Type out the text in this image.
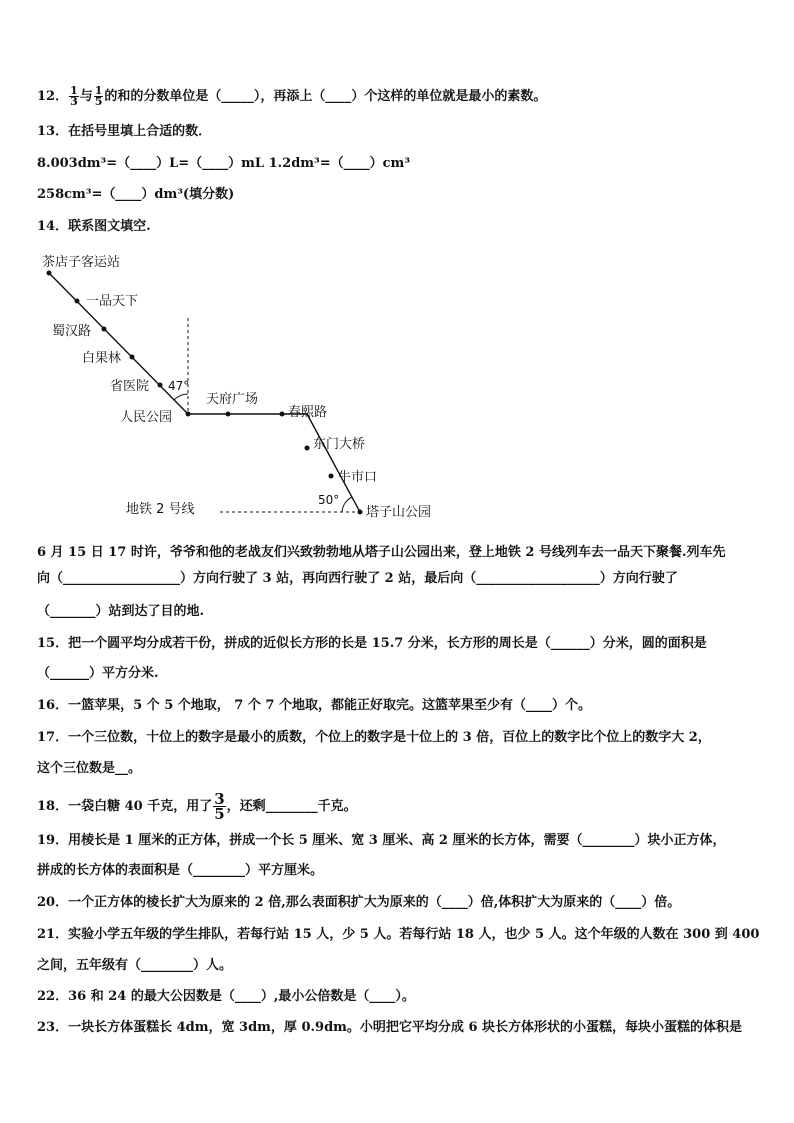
12． $\frac{1}{3}$ 与 $\frac{1}{5}$ 的和的分数单位是（_____），再添上（____）个这样的单位就是最小的素数。
13．在括号里填上合适的数．
8.003dm³=（____）L=（____）mL 1.2dm³=（____）cm³
258cm³=（____）dm³(填分数)
14．联系图文填空.
茶店子客运站
一品天下
蜀汉路
白果林
省医院
人民公园
天府广场
春熙路
东门大桥
牛市口
塔子山公园
47°
50°
地铁 2 号线
6 月 15 日 17 时许，爷爷和他的老战友们兴致勃勃地从塔子山公园出来，登上地铁 2 号线列车去一品天下聚餐.列车先
向（__________________）方向行驶了 3 站，再向西行驶了 2 站，最后向（___________________）方向行驶了
（_______）站到达了目的地.
15．把一个圆平均分成若干份，拼成的近似长方形的长是 15.7 分米，长方形的周长是（______）分米，圆的面积是
（______）平方分米.
16．一篮苹果，5 个 5 个地取， 7 个 7 个地取，都能正好取完。这篮苹果至少有（____）个。
17．一个三位数，十位上的数字是最小的质数，个位上的数字是十位上的 3 倍，百位上的数字比个位上的数字大 2，
这个三位数是__。
18．一袋白糖 40 千克，用了 $\frac{3}{5}$ ，还剩________千克。
19．用棱长是 1 厘米的正方体，拼成一个长 5 厘米、宽 3 厘米、高 2 厘米的长方体，需要（________）块小正方体，
拼成的长方体的表面积是（________）平方厘米。
20．一个正方体的棱长扩大为原来的 2 倍,那么表面积扩大为原来的（____）倍,体积扩大为原来的（____）倍。
21．实验小学五年级的学生排队，若每行站 15 人，少 5 人。若每行站 18 人，也少 5 人。这个年级的人数在 300 到 400
之间，五年级有（________）人。
22．36 和 24 的最大公因数是（____）,最小公倍数是（____）。
23．一块长方体蛋糕长 4dm，宽 3dm，厚 0.9dm。小明把它平均分成 6 块长方体形状的小蛋糕，每块小蛋糕的体积是
